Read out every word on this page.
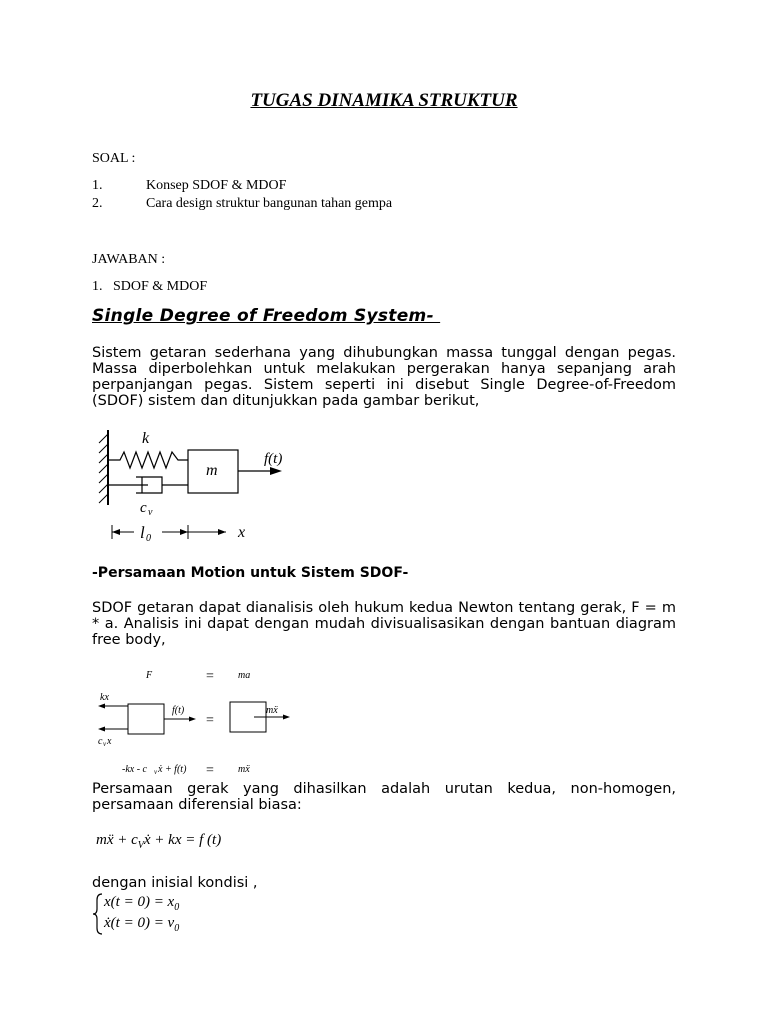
TUGAS DINAMIKA STRUKTUR
SOAL :
1.	Konsep SDOF & MDOF
2.	Cara design struktur bangunan tahan gempa
JAWABAN :
1.   SDOF & MDOF
Single Degree of Freedom System-
Sistem getaran sederhana yang dihubungkan massa tunggal dengan pegas. Massa diperbolehkan untuk melakukan pergerakan hanya sepanjang arah perpanjangan pegas. Sistem seperti ini disebut Single Degree-of-Freedom (SDOF) sistem dan ditunjukkan pada gambar berikut,
k
m
f(t)
c v
l 0	x
-Persamaan Motion untuk Sistem SDOF-
SDOF getaran dapat dianalisis oleh hukum kedua Newton tentang gerak, F = m * a. Analisis ini dapat dengan mudah divisualisasikan dengan bantuan diagram free body,
F	= ma
kx
f(t)
c v x
=
mẍ
-kx - c v ẋ + f(t) = mẍ
Persamaan gerak yang dihasilkan adalah urutan kedua, non-homogen, persamaan diferensial biasa:
mẍ + $c_Vẋ$ + kx = f (t)
dengan inisial kondisi ,
$x(t = 0) = x_0$
ẋ(t = $0) = v_0$
